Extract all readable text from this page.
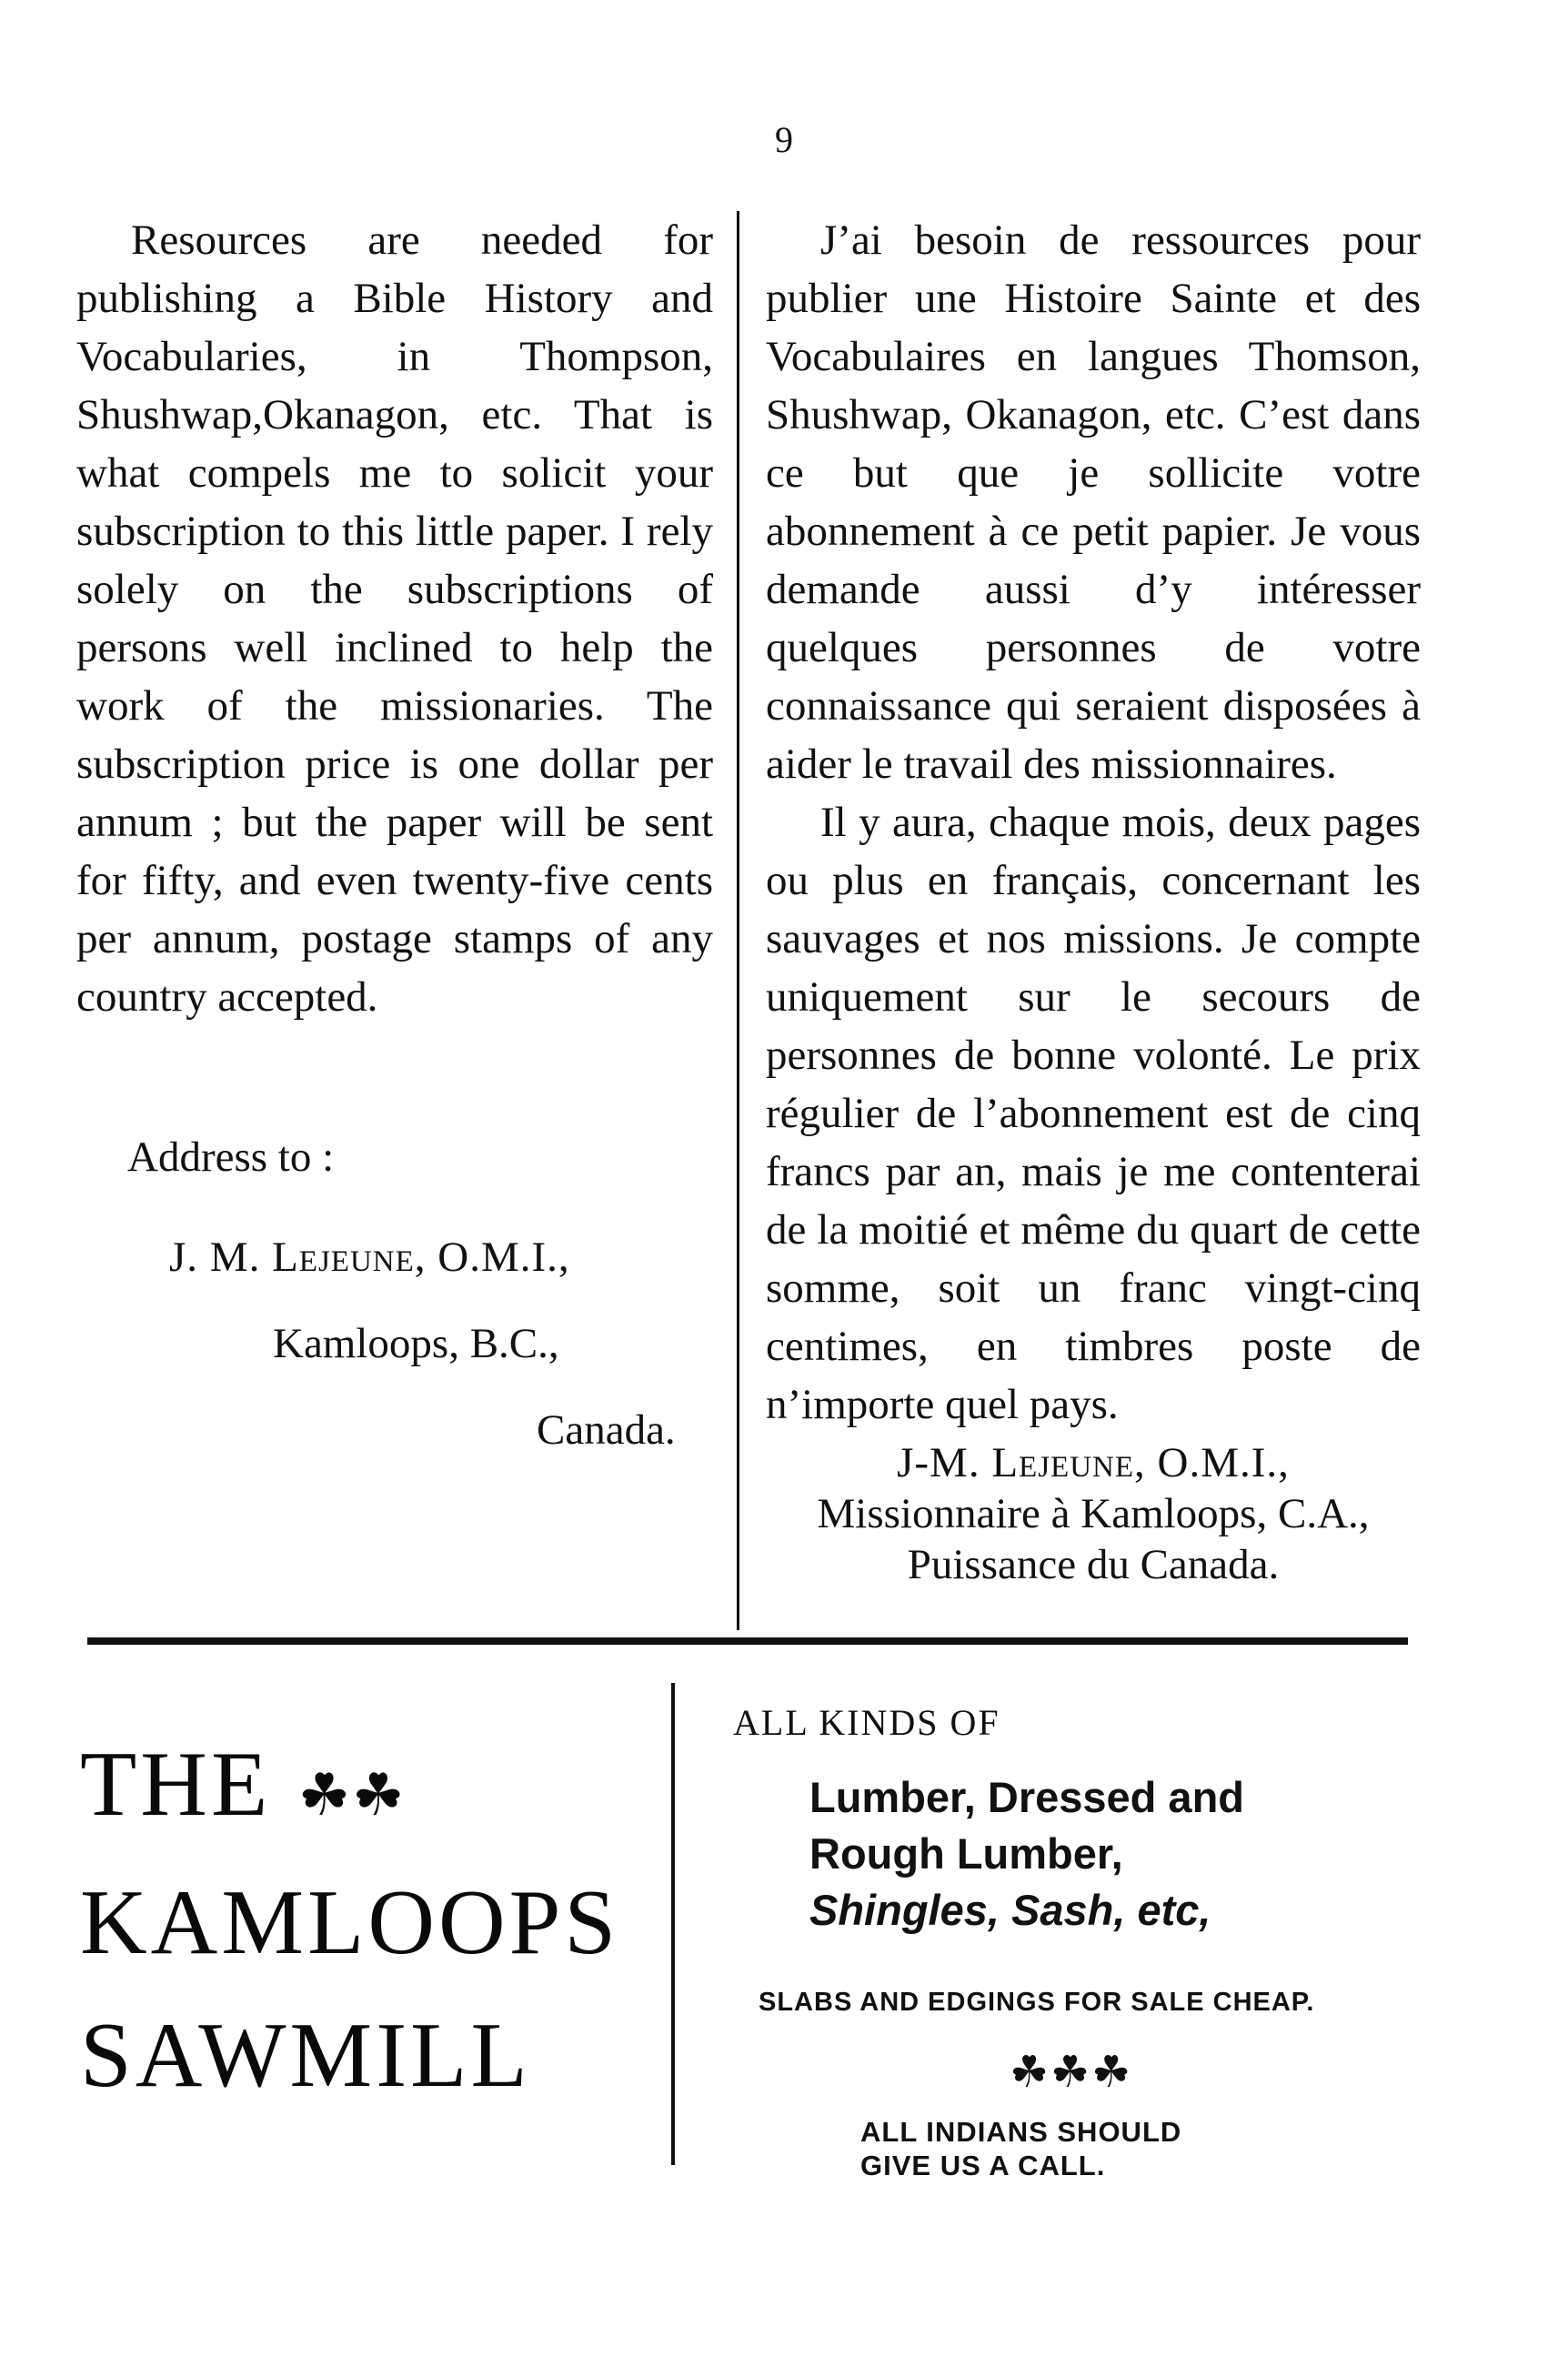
9

Resources are needed for publishing a Bible History and Vocabularies, in Thompson, Shushwap,Okanagon, etc. That is what compels me to solicit your subscription to this little paper. I rely solely on the subscriptions of persons well inclined to help the work of the missionaries. The subscription price is one dollar per annum ; but the paper will be sent for fifty, and even twenty-five cents per annum, postage stamps of any country accepted.

Address to :
J. M. Lejeune, O.M.I.,
Kamloops, B.C.,
Canada.

J’ai besoin de ressources pour publier une Histoire Sainte et des Vocabulaires en langues Thomson, Shushwap, Okanagon, etc. C’est dans ce but que je sollicite votre abonnement à ce petit papier. Je vous demande aussi d’y intéresser quelques personnes de votre connaissance qui seraient disposées à aider le travail des missionnaires.

Il y aura, chaque mois, deux pages ou plus en français, concernant les sauvages et nos missions. Je compte uniquement sur le secours de personnes de bonne volonté. Le prix régulier de l’abonnement est de cinq francs par an, mais je me contenterai de la moitié et même du quart de cette somme, soit un franc vingt-cinq centimes, en timbres poste de n’importe quel pays.

J-M. Lejeune, O.M.I.,
Missionnaire à Kamloops, C.A.,
Puissance du Canada.
THE ☘☘
KAMLOOPS
SAWMILL
ALL KINDS OF
Lumber, Dressed and
Rough Lumber,
Shingles, Sash, etc,
SLABS AND EDGINGS FOR SALE CHEAP.
☘☘☘
ALL INDIANS SHOULD
GIVE US A CALL.
